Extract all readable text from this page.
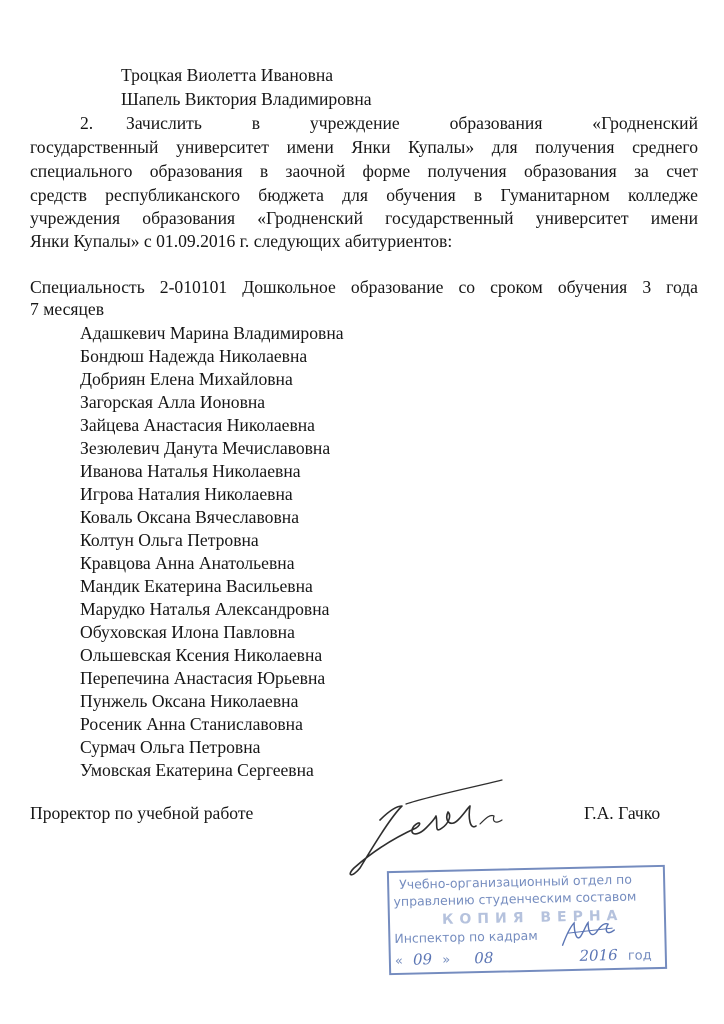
Троцкая Виолетта Ивановна
Шапель Виктория Владимировна
2. Зачислить в учреждение образования «Гродненский
государственный университет имени Янки Купалы» для получения среднего
специального образования в заочной форме получения образования за счет
средств республиканского бюджета для обучения в Гуманитарном колледже
учреждения образования «Гродненский государственный университет имени
Янки Купалы» с 01.09.2016 г. следующих абитуриентов:
Специальность 2-010101 Дошкольное образование со сроком обучения 3 года
7 месяцев
Адашкевич Марина Владимировна
Бондюш Надежда Николаевна
Добриян Елена Михайловна
Загорская Алла Ионовна
Зайцева Анастасия Николаевна
Зезюлевич Данута Мечиславовна
Иванова Наталья Николаевна
Игрова Наталия Николаевна
Коваль Оксана Вячеславовна
Колтун Ольга Петровна
Кравцова Анна Анатольевна
Мандик Екатерина Васильевна
Марудко Наталья Александровна
Обуховская Илона Павловна
Ольшевская Ксения Николаевна
Перепечина Анастасия Юрьевна
Пунжель Оксана Николаевна
Росеник Анна Станиславовна
Сурмач Ольга Петровна
Умовская Екатерина Сергеевна
Проректор по учебной работе	Г.А. Гачко
Учебно-организационный отдел по
управлению студенческим составом
КОПИЯ ВЕРНА
Инспектор по кадрам
« 09 » 08	2016 год
